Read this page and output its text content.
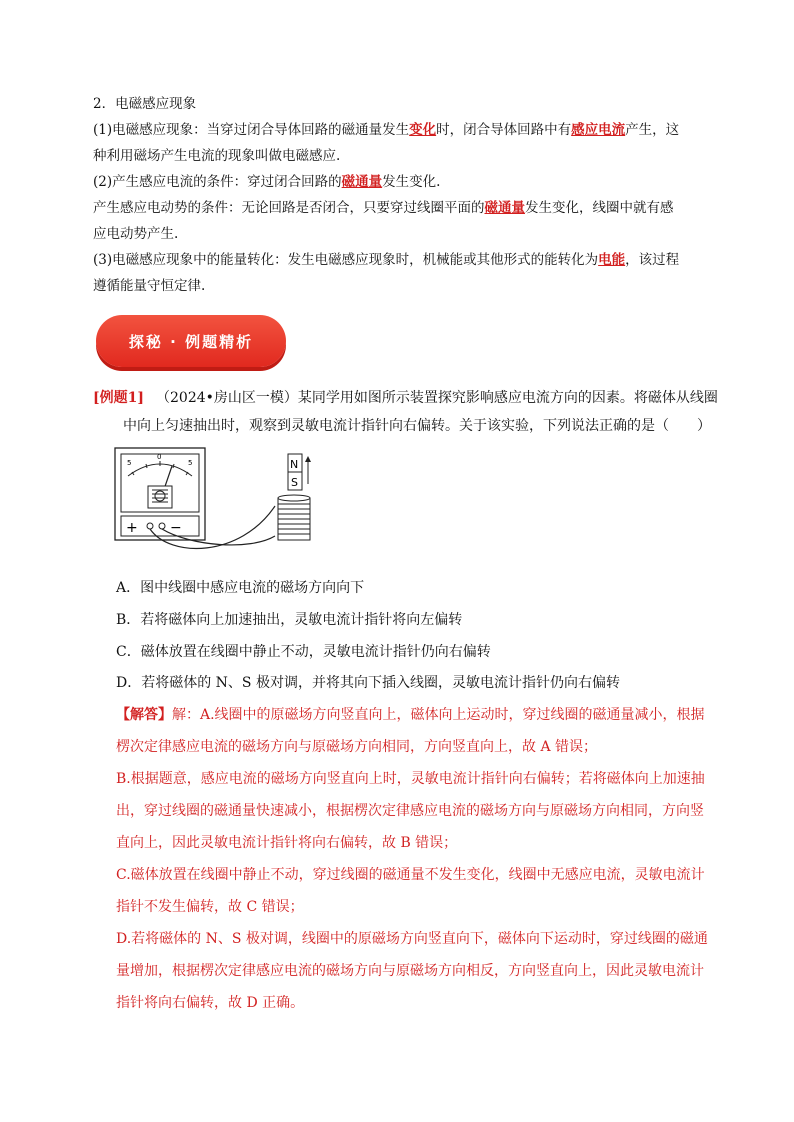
2．电磁感应现象
(1)电磁感应现象：当穿过闭合导体回路的磁通量发生变化时，闭合导体回路中有感应电流产生，这
种利用磁场产生电流的现象叫做电磁感应.
(2)产生感应电流的条件：穿过闭合回路的磁通量发生变化.
产生感应电动势的条件：无论回路是否闭合，只要穿过线圈平面的磁通量发生变化，线圈中就有感
应电动势产生.
(3)电磁感应现象中的能量转化：发生电磁感应现象时，机械能或其他形式的能转化为电能，该过程
遵循能量守恒定律.
探秘 · 例题精析
[例题1] （2024•房山区一模）某同学用如图所示装置探究影响感应电流方向的因素。将磁体从线圈
中向上匀速抽出时，观察到灵敏电流计指针向右偏转。关于该实验，下列说法正确的是（　　）
5
0
5
+ −
N
S
A．图中线圈中感应电流的磁场方向向下
B．若将磁体向上加速抽出，灵敏电流计指针将向左偏转
C．磁体放置在线圈中静止不动，灵敏电流计指针仍向右偏转
D．若将磁体的 N、S 极对调，并将其向下插入线圈，灵敏电流计指针仍向右偏转
【解答】解：A.线圈中的原磁场方向竖直向上，磁体向上运动时，穿过线圈的磁通量减小，根据
楞次定律感应电流的磁场方向与原磁场方向相同，方向竖直向上，故 A 错误；
B.根据题意，感应电流的磁场方向竖直向上时，灵敏电流计指针向右偏转；若将磁体向上加速抽
出，穿过线圈的磁通量快速减小，根据楞次定律感应电流的磁场方向与原磁场方向相同，方向竖
直向上，因此灵敏电流计指针将向右偏转，故 B 错误；
C.磁体放置在线圈中静止不动，穿过线圈的磁通量不发生变化，线圈中无感应电流，灵敏电流计
指针不发生偏转，故 C 错误；
D.若将磁体的 N、S 极对调，线圈中的原磁场方向竖直向下，磁体向下运动时，穿过线圈的磁通
量增加，根据楞次定律感应电流的磁场方向与原磁场方向相反，方向竖直向上，因此灵敏电流计
指针将向右偏转，故 D 正确。
